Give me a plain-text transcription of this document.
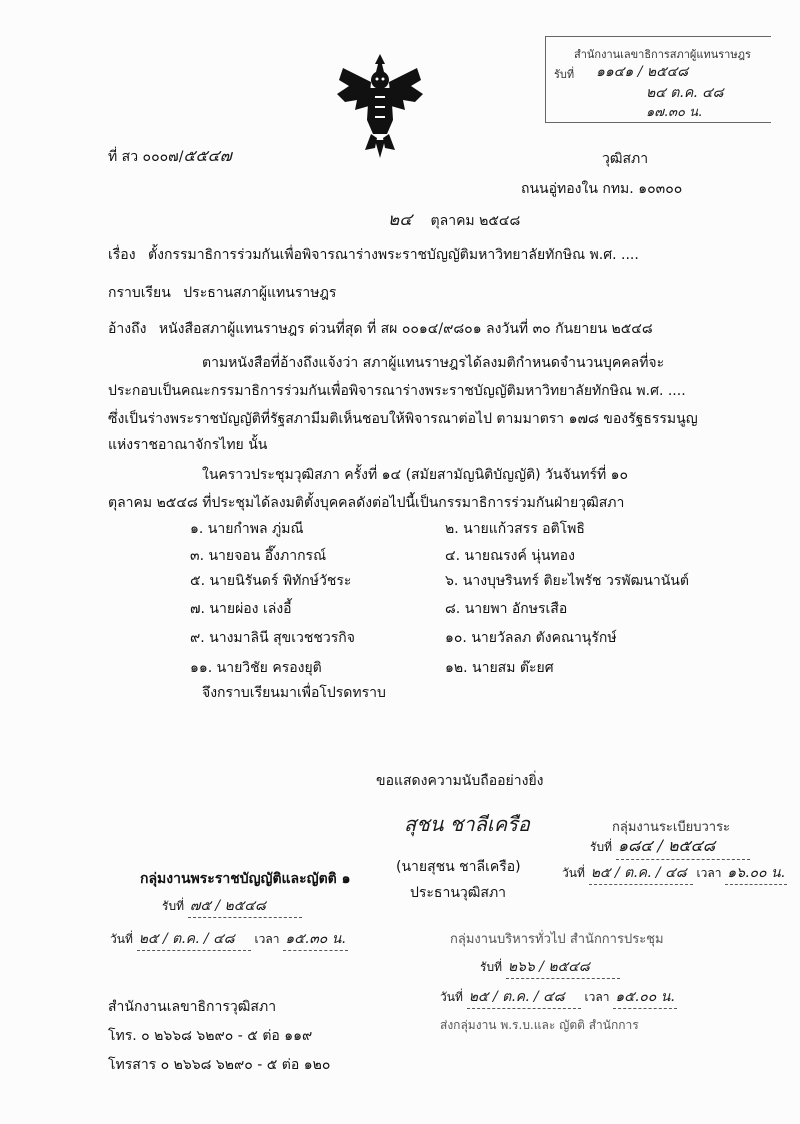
สำนักงานเลขาธิการสภาผู้แทนราษฎร
รับที่ ๑๑๔๑ / ๒๕๔๘
๒๔ ต.ค. ๔๘
๑๗.๓๐ น.
ที่ สว ๐๐๐๗/๕๕๔๗	วุฒิสภา
ถนนอู่ทองใน กทม. ๑๐๓๐๐
๒๔ ตุลาคม ๒๕๔๘
เรื่อง ตั้งกรรมาธิการร่วมกันเพื่อพิจารณาร่างพระราชบัญญัติมหาวิทยาลัยทักษิณ พ.ศ. ....
กราบเรียน ประธานสภาผู้แทนราษฎร
อ้างถึง หนังสือสภาผู้แทนราษฎร ด่วนที่สุด ที่ สผ ๐๐๑๔/๙๘๐๑ ลงวันที่ ๓๐ กันยายน ๒๕๔๘
ตามหนังสือที่อ้างถึงแจ้งว่า สภาผู้แทนราษฎรได้ลงมติกำหนดจำนวนบุคคลที่จะ
ประกอบเป็นคณะกรรมาธิการร่วมกันเพื่อพิจารณาร่างพระราชบัญญัติมหาวิทยาลัยทักษิณ พ.ศ. ....
ซึ่งเป็นร่างพระราชบัญญัติที่รัฐสภามีมติเห็นชอบให้พิจารณาต่อไป ตามมาตรา ๑๗๘ ของรัฐธรรมนูญ
แห่งราชอาณาจักรไทย นั้น
ในคราวประชุมวุฒิสภา ครั้งที่ ๑๔ (สมัยสามัญนิติบัญญัติ) วันจันทร์ที่ ๑๐
ตุลาคม ๒๕๔๘ ที่ประชุมได้ลงมติตั้งบุคคลดังต่อไปนี้เป็นกรรมาธิการร่วมกันฝ่ายวุฒิสภา
๑. นายกำพล ภู่มณี	๒. นายแก้วสรร อติโพธิ
๓. นายจอน อึ๊งภากรณ์	๔. นายณรงค์ นุ่นทอง
๕. นายนิรันดร์ พิทักษ์วัชระ	๖. นางบุษรินทร์ ติยะไพรัช วรพัฒนานันต์
๗. นายผ่อง เล่งอี้	๘. นายพา อักษรเสือ
๙. นางมาลินี สุขเวชชวรกิจ	๑๐. นายวัลลภ ตังคณานุรักษ์
๑๑. นายวิชัย ครองยุติ	๑๒. นายสม ต๊ะยศ
จึงกราบเรียนมาเพื่อโปรดทราบ
ขอแสดงความนับถืออย่างยิ่ง
สุชน ชาลีเครือ
(นายสุชน ชาลีเครือ)
ประธานวุฒิสภา
กลุ่มงานระเบียบวาระ
รับที่ ๑๘๔ / ๒๕๔๘
วันที่ ๒๕ / ต.ค. / ๔๘ เวลา ๑๖.๐๐ น.
กลุ่มงานพระราชบัญญัติและญัตติ ๑
รับที่ ๗๕ / ๒๕๔๘
วันที่ ๒๕ / ต.ค. / ๔๘ เวลา ๑๕.๓๐ น.	กลุ่มงานบริหารทั่วไป สำนักการประชุม
รับที่ ๒๖๖ / ๒๕๔๘
วันที่ ๒๕ / ต.ค. / ๔๘ เวลา ๑๕.๐๐ น.
ส่งกลุ่มงาน พ.ร.บ.และ ญัตติ สำนักการ
สำนักงานเลขาธิการวุฒิสภา
โทร. ๐ ๒๖๖๘ ๖๒๙๐ - ๕ ต่อ ๑๑๙
โทรสาร ๐ ๒๖๖๘ ๖๒๙๐ - ๕ ต่อ ๑๒๐
